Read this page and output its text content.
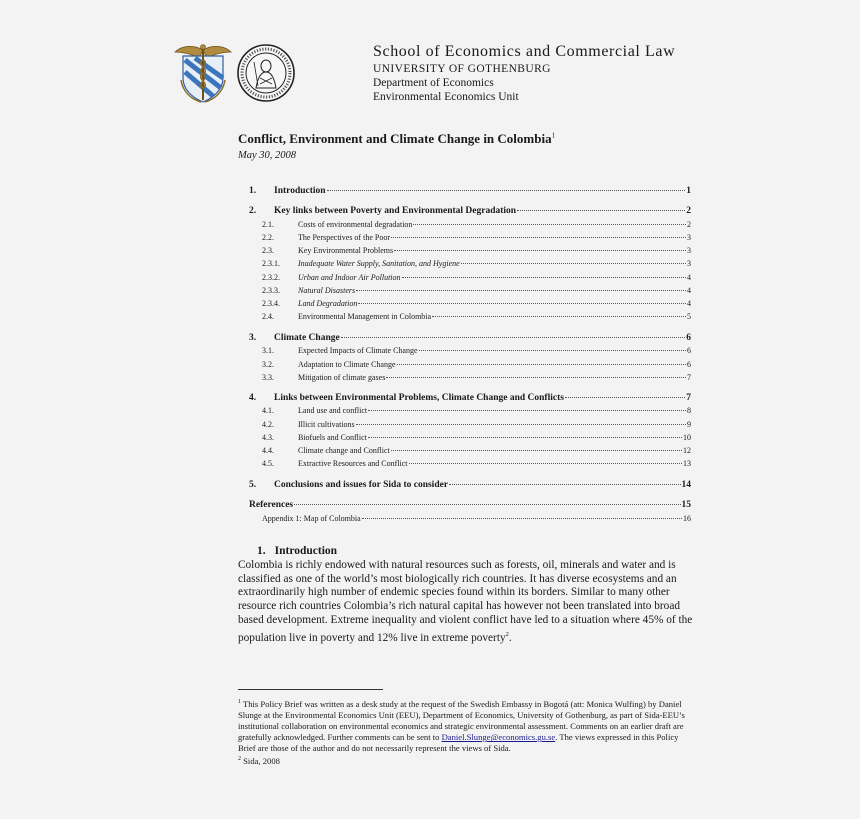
School of Economics and Commercial Law
UNIVERSITY OF GOTHENBURG
Department of Economics
Environmental Economics Unit
Conflict, Environment and Climate Change in Colombia$^1$
May 30, 2008
1.	Introduction	1
2.	Key links between Poverty and Environmental Degradation	2
2.1.	Costs of environmental degradation	2
2.2.	The Perspectives of the Poor	3
2.3.	Key Environmental Problems	3
2.3.1.	Inadequate Water Supply, Sanitation, and Hygiene	3
2.3.2.	Urban and Indoor Air Pollution	4
2.3.3.	Natural Disasters	4
2.3.4.	Land Degradation	4
2.4.	Environmental Management in Colombia	5
3.	Climate Change	6
3.1.	Expected Impacts of Climate Change	6
3.2.	Adaptation to Climate Change	6
3.3.	Mitigation of climate gases	7
4.	Links between Environmental Problems, Climate Change and Conflicts	7
4.1.	Land use and conflict	8
4.2.	Illicit cultivations	9
4.3.	Biofuels and Conflict	10
4.4.	Climate change and Conflict	12
4.5.	Extractive Resources and Conflict	13
5.	Conclusions and issues for Sida to consider	14
References	15
Appendix 1: Map of Colombia	16
1. Introduction

Colombia is richly endowed with natural resources such as forests, oil, minerals and water and is classified as one of the world’s most biologically rich countries. It has diverse ecosystems and an extraordinarily high number of endemic species found within its borders. Similar to many other resource rich countries Colombia’s rich natural capital has however not been translated into broad based development. Extreme inequality and violent conflict have led to a situation where 45% of the population live in poverty and 12% live in extreme poverty$^2$.

$^1$ This Policy Brief was written as a desk study at the request of the Swedish Embassy in Bogotá (att: Monica Wulfing) by Daniel Slunge at the Environmental Economics Unit (EEU), Department of Economics, University of Gothenburg, as part of Sida-EEU’s institutional collaboration on environmental economics and strategic environmental assessment. Comments on an earlier draft are gratefully acknowledged. Further comments can be sent to Daniel.Slunge@economics.gu.se. The views expressed in this Policy Brief are those of the author and do not necessarily represent the views of Sida.

$^2$ Sida, 2008
